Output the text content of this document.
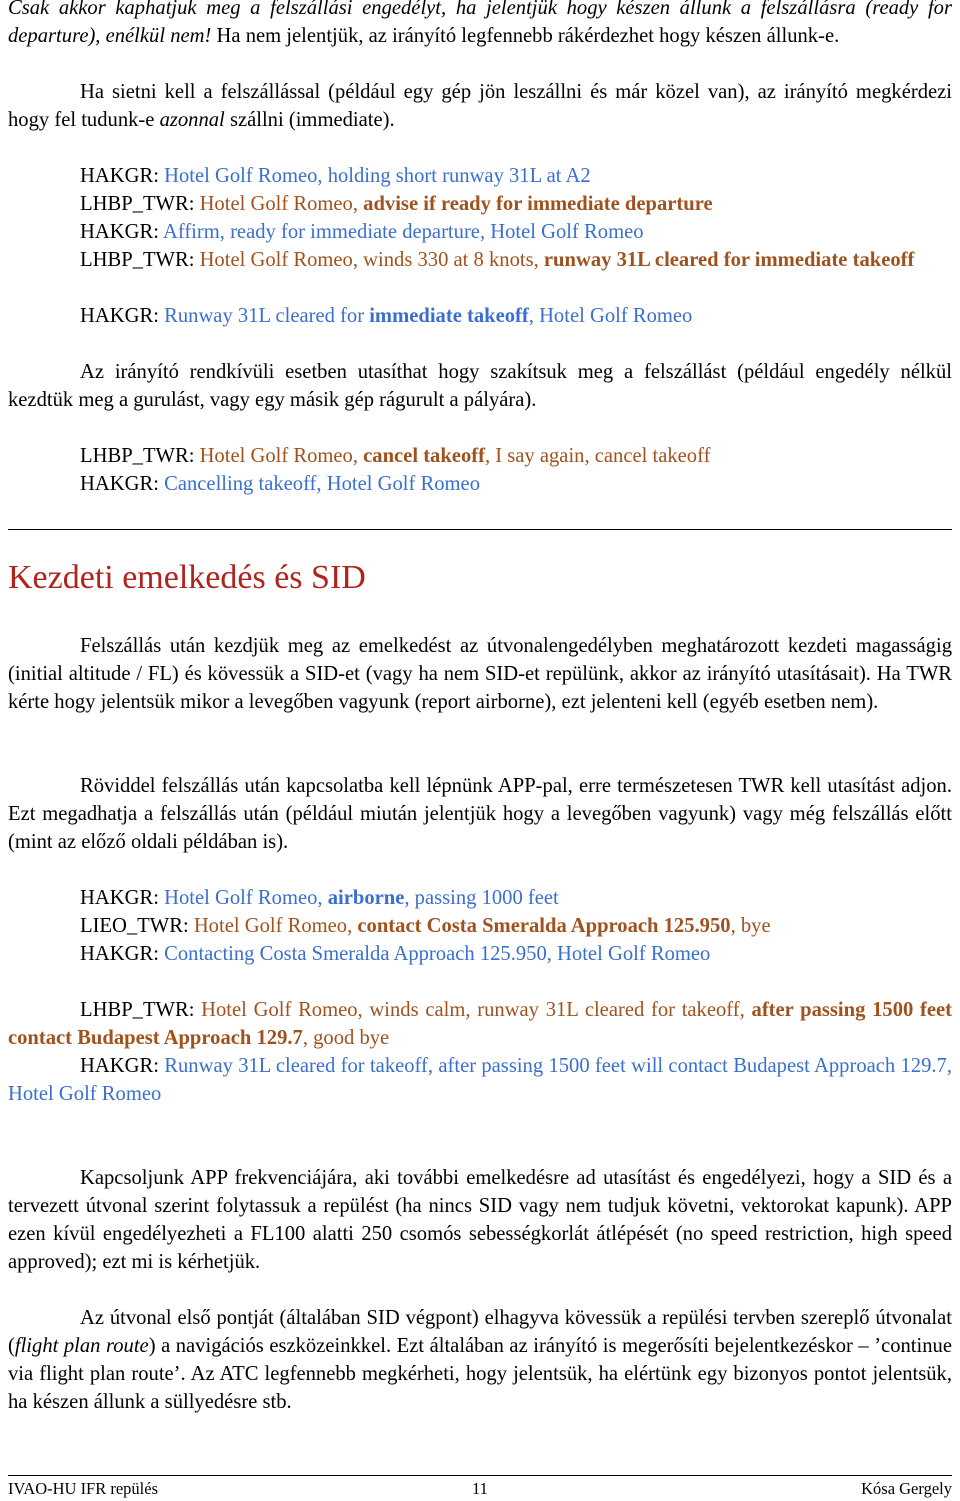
Csak akkor kaphatjuk meg a felszállási engedélyt, ha jelentjük hogy készen állunk a felszállásra (ready for departure), enélkül nem! Ha nem jelentjük, az irányító legfennebb rákérdezhet hogy készen állunk-e.

Ha sietni kell a felszállással (például egy gép jön leszállni és már közel van), az irányító megkérdezi hogy fel tudunk-e azonnal szállni (immediate).

HAKGR: Hotel Golf Romeo, holding short runway 31L at A2
LHBP_TWR: Hotel Golf Romeo, advise if ready for immediate departure
HAKGR: Affirm, ready for immediate departure, Hotel Golf Romeo

LHBP_TWR: Hotel Golf Romeo, winds 330 at 8 knots, runway 31L cleared for immediate takeoff

HAKGR: Runway 31L cleared for immediate takeoff, Hotel Golf Romeo

Az irányító rendkívüli esetben utasíthat hogy szakítsuk meg a felszállást (például engedély nélkül kezdtük meg a gurulást, vagy egy másik gép rágurult a pályára).

LHBP_TWR: Hotel Golf Romeo, cancel takeoff, I say again, cancel takeoff
HAKGR: Cancelling takeoff, Hotel Golf Romeo
Kezdeti emelkedés és SID

Felszállás után kezdjük meg az emelkedést az útvonalengedélyben meghatározott kezdeti magasságig (initial altitude / FL) és kövessük a SID-et (vagy ha nem SID-et repülünk, akkor az irányító utasításait). Ha TWR kérte hogy jelentsük mikor a levegőben vagyunk (report airborne), ezt jelenteni kell (egyéb esetben nem).

Röviddel felszállás után kapcsolatba kell lépnünk APP-pal, erre természetesen TWR kell utasítást adjon. Ezt megadhatja a felszállás után (például miután jelentjük hogy a levegőben vagyunk) vagy még felszállás előtt (mint az előző oldali példában is).

HAKGR: Hotel Golf Romeo, airborne, passing 1000 feet
LIEO_TWR: Hotel Golf Romeo, contact Costa Smeralda Approach 125.950, bye
HAKGR: Contacting Costa Smeralda Approach 125.950, Hotel Golf Romeo

LHBP_TWR: Hotel Golf Romeo, winds calm, runway 31L cleared for takeoff, after passing 1500 feet contact Budapest Approach 129.7, good bye

HAKGR: Runway 31L cleared for takeoff, after passing 1500 feet will contact Budapest Approach 129.7, Hotel Golf Romeo

Kapcsoljunk APP frekvenciájára, aki további emelkedésre ad utasítást és engedélyezi, hogy a SID és a tervezett útvonal szerint folytassuk a repülést (ha nincs SID vagy nem tudjuk követni, vektorokat kapunk). APP ezen kívül engedélyezheti a FL100 alatti 250 csomós sebességkorlát átlépését (no speed restriction, high speed approved); ezt mi is kérhetjük.

Az útvonal első pontját (általában SID végpont) elhagyva kövessük a repülési tervben szereplő útvonalat (flight plan route) a navigációs eszközeinkkel. Ezt általában az irányító is megerősíti bejelentkezéskor – ’continue via flight plan route’. Az ATC legfennebb megkérheti, hogy jelentsük, ha elértünk egy bizonyos pontot jelentsük, ha készen állunk a süllyedésre stb.

IVAO-HU IFR repülés	11	Kósa Gergely
